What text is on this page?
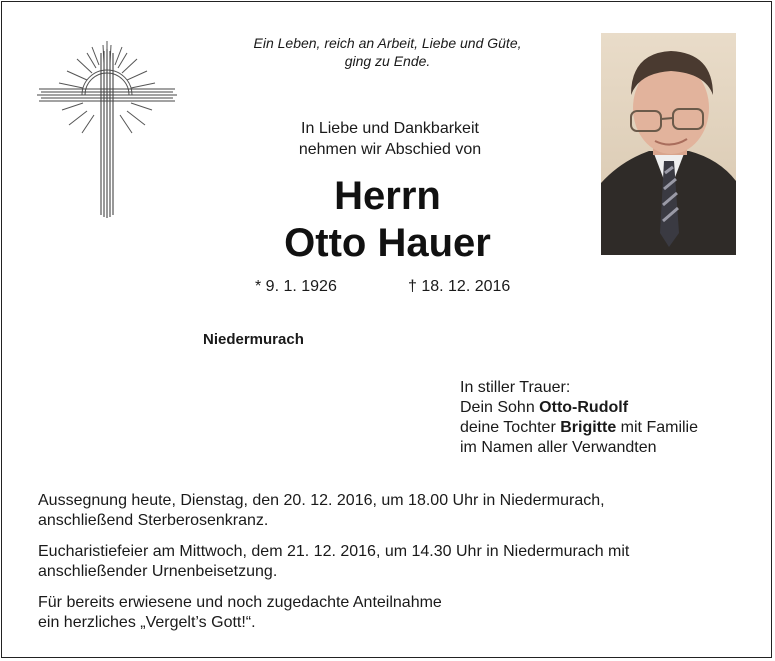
Ein Leben, reich an Arbeit, Liebe und Güte,
ging zu Ende.
In Liebe und Dankbarkeit
nehmen wir Abschied von
Herrn
Otto Hauer
* 9. 1. 1926	† 18. 12. 2016
Niedermurach
In stiller Trauer:
Dein Sohn Otto-Rudolf
deine Tochter Brigitte mit Familie
im Namen aller Verwandten

Aussegnung heute, Dienstag, den 20. 12. 2016, um 18.00 Uhr in Niedermurach,
anschließend Sterberosenkranz.

Eucharistiefeier am Mittwoch, dem 21. 12. 2016, um 14.30 Uhr in Niedermurach mit
anschließender Urnenbeisetzung.

Für bereits erwiesene und noch zugedachte Anteilnahme
ein herzliches „Vergelt’s Gott!“.
